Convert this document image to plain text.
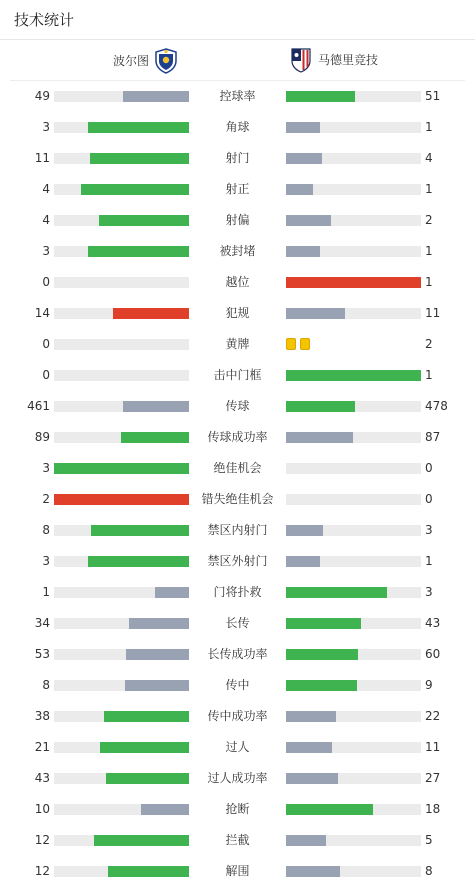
技术统计
波尔图	马德里竞技
49	控球率	51
3	角球	1
11	射门	4
4	射正	1
4	射偏	2
3	被封堵	1
0	越位	1
14	犯规	11
0	黄牌	2
0	击中门框	1
461	传球	478
89	传球成功率	87
3	绝佳机会	0
2	错失绝佳机会	0
8	禁区内射门	3
3	禁区外射门	1
1	门将扑救	3
34	长传	43
53	长传成功率	60
8	传中	9
38	传中成功率	22
21	过人	11
43	过人成功率	27
10	抢断	18
12	拦截	5
12	解围	8
